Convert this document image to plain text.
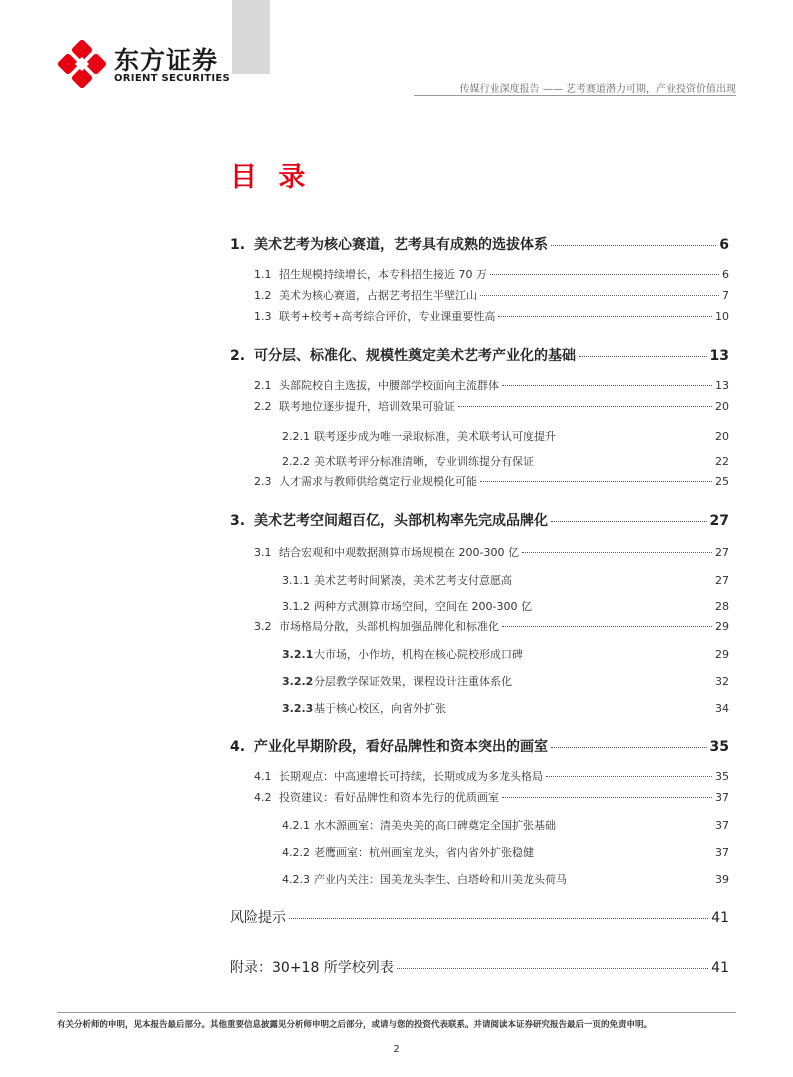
东方证券
ORIENT SECURITIES
传媒行业深度报告 —— 艺考赛道潜力可期，产业投资价值出现
目 录
1. 美术艺考为核心赛道，艺考具有成熟的选拔体系	6
1.1 招生规模持续增长，本专科招生接近 70 万	6
1.2 美术为核心赛道，占据艺考招生半壁江山	7
1.3 联考+校考+高考综合评价，专业课重要性高	10
2. 可分层、标准化、规模性奠定美术艺考产业化的基础	13
2.1 头部院校自主选拔，中腰部学校面向主流群体	13
2.2 联考地位逐步提升，培训效果可验证	20
2.2.1 联考逐步成为唯一录取标准，美术联考认可度提升	20
2.2.2 美术联考评分标准清晰，专业训练提分有保证	22
2.3 人才需求与教师供给奠定行业规模化可能	25
3. 美术艺考空间超百亿，头部机构率先完成品牌化	27
3.1 结合宏观和中观数据测算市场规模在 200-300 亿	27
3.1.1 美术艺考时间紧凑，美术艺考支付意愿高	27
3.1.2 两种方式测算市场空间，空间在 200-300 亿	28
3.2 市场格局分散，头部机构加强品牌化和标准化	29
3.2.1 大市场，小作坊，机构在核心院校形成口碑	29
3.2.2 分层教学保证效果，课程设计注重体系化	32
3.2.3 基于核心校区，向省外扩张	34
4. 产业化早期阶段，看好品牌性和资本突出的画室	35
4.1 长期观点：中高速增长可持续，长期或成为多龙头格局	35
4.2 投资建议：看好品牌性和资本先行的优质画室	37
4.2.1 水木源画室：清美央美的高口碑奠定全国扩张基础	37
4.2.2 老鹰画室：杭州画室龙头，省内省外扩张稳健	37
4.2.3 产业内关注：国美龙头李生、白塔岭和川美龙头荷马	39
风险提示	41
附录：30+18 所学校列表	41
有关分析师的申明，见本报告最后部分。其他重要信息披露见分析师申明之后部分，或请与您的投资代表联系。并请阅读本证券研究报告最后一页的免责申明。
2
